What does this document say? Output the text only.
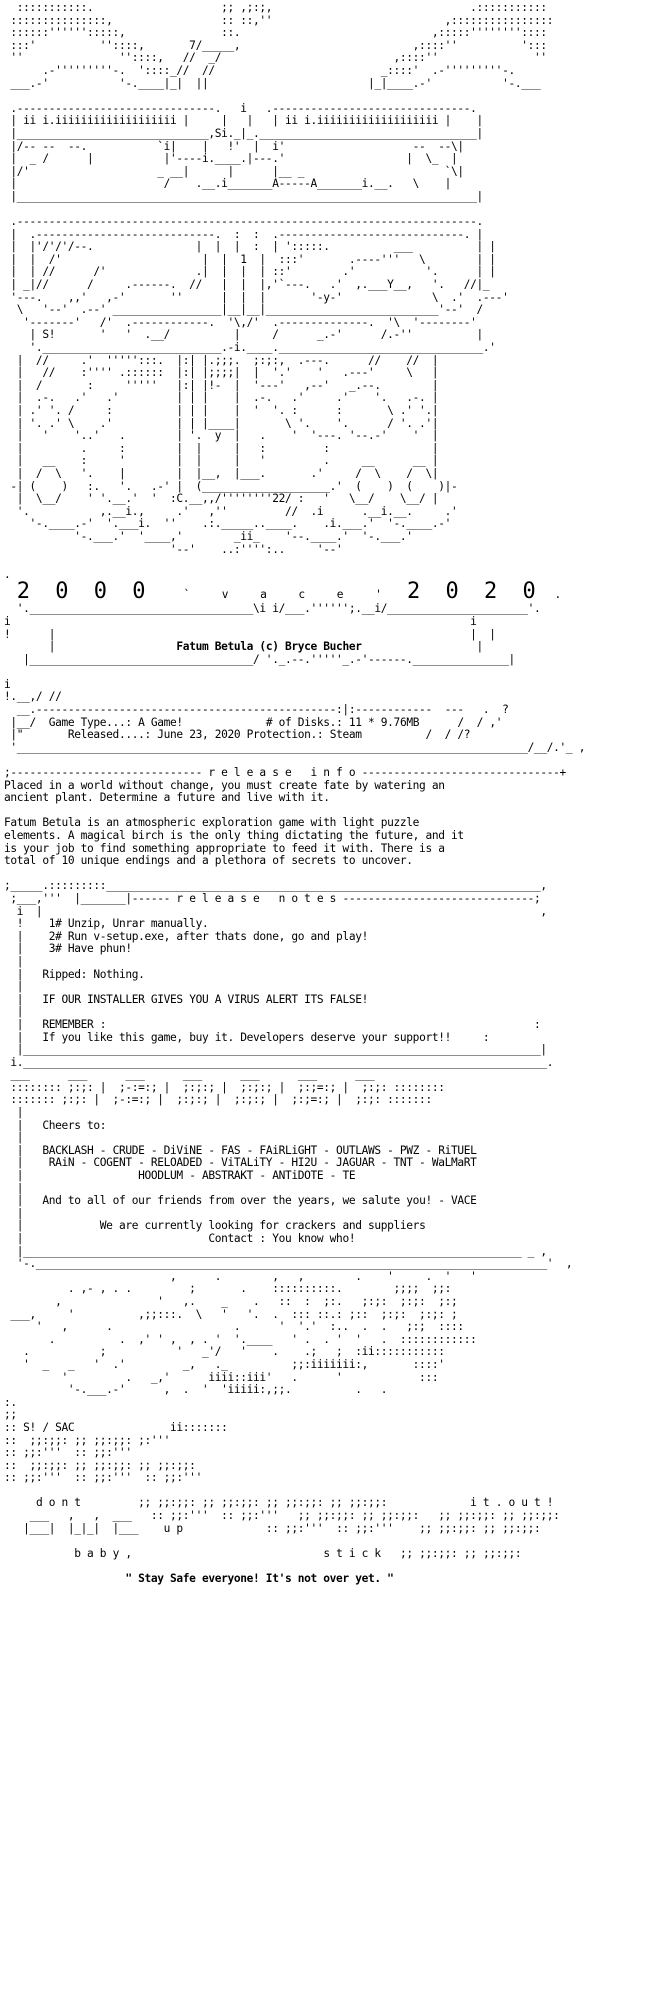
:::::::::::.                    ;; ,;:;,                               .:::::::::::
:::::::::::::::,                 :: ::,''                           ,::::::::::::::::
::::::'''''':::::,               ::.                              ,:::::''''''''::::
:::'          ''::::,       7/_____,                           ,::::''          ':::
''               ''::::,   //  _/                           ,::::''               ''
.-'''''''''-.  '::::_//  //                          _::::'  .-'''''''''-.
___.-'           '-.____|_|  ||                         |_|____.-'           '-.___

.-------------------------------.   i   .-------------------------------.
| ii i.iiiiiiiiiiiiiiiiiii |     |   |   | ii i.iiiiiiiiiiiiiiiiiii |    |
|______________________________,Si._|_.__________________________________|
|/-- --  --.           `i|    |   !'  |  i'                    --  --\|
|  _ /      |           |'----i.____.|---.'                   |  \_  |
|/'                    _ __|      |      |__ _                      `\|
|                       /    .__.i_______A-----A_______i.__.   \    |
|________________________________________________________________________|

.------------------------------------------------------------------------.
|  .----------------------------.  :  :  .-----------------------------. |
|  |'/'/'/--.                |  |  |  :  | ':::::.          ___          | |
|  |  /'                      |  |  1  |  :::'       .----'''   \        | |
|  | //      /'              .|  |  |  | ::'        .'           '.      | |
| _|//      /     .------.  //   |  |  |,'`---.   .'  ,.___Y__,   '.   //|_
'---.    ,,'   ,-'       ''      |  |  |       '-y-'              \  .'  .---'
\   '--'  .--' _________________|__|__|___________________________'--'  /
'-------'   /'  .------------.  '\,/'  .--------------.  '\  '--------'
| S!       '   '  .__/          |     /      _.-'      /.-''          |
'.____________________________.-i.____.________________________________.'
|  //     .'  ''''':::.  |:| |.;;;.  ;:;:,  .---.      //    //  |
|   //    :'''' .::::::  |:| |;;;;|  |  '.'    '   .---'     \   |
|  /       :     '''''   |:| |!-  |  '---'   ,--'   _.--.        |
|  .-.   .'   .'         | | |    |  .-.   .'     .'    '.   .-. |
| .' '. /     :          | | |    |  '  '. :      :       \ .' '.|
| '. .' \    .'          | | |____|       \ '.    '.      / '. .'|
|   '    '..'   .        | '.  y  |   .    '  '---. '--.-'    '  |
|         .     :        |  |     |   :         :                |
|   __    :     '        |  |     |   '         .     __      __ |
|  /  \   '.    |        |  |__,  |___.       .'     /  \    /  \|
-| (    )   :.   '.   .-' |  (____________________.'  (    )  (    )|-
|  \__/    ' '.__.'  '  :C.__,,/''''''''22/ :   '   \__/    \__/ |
'.           ,.__i.,     .'   ,''         //  .i      .__i.__.     .'
'-.____.-'  '.___i.  ''    .:._____..____.    .i.___.'  '-.____.-'
'-.___.'  '____,'        _ii_    '--.____.'  '-.___.'
'--'    ..:'''':..     '--'

.
2 0 0 0	`	v	a	c	e	' 2 0 2 0 .
'.___________________________________\i i/___.'''''';.__i/______________________'.
i                                                                        i
!      |                                                                 |  |
|                   Fatum Betula (c) Bryce Bucher                  |
|___________________________________/ '._.--.'''''_.-'------._______________|

i
!.__,/ //
__.-----------------------------------------------:|:------------  ---   .  ?
|__/  Game Type...: A Game!	# of Disks.: 11 * 9.76MB      /  / ,'
|"       Released....: June 23, 2020 Protection.: Steam          /  / /?
'________________________________________________________________________________/__/.'_ ,

;------------------------------ r e l e a s e   i n f o -------------------------------+
Placed in a world without change, you must create fate by watering an
ancient plant. Determine a future and live with it.

Fatum Betula is an atmospheric exploration game with light puzzle
elements. A magical birch is the only thing dictating the future, and it
is your job to find something appropriate to feed it with. There is a
total of 10 unique endings and a plethora of secrets to uncover.

;_____.:::::::::____________________________________________________________________,
;___,'''  |_______|------ r e l e a s e   n o t e s ------------------------------;
i  |                                                                              ,
!    1# Unzip, Unrar manually.
|    2# Run v-setup.exe, after thats done, go and play!
|    3# Have phun!
|
|   Ripped: Nothing.
|
|   IF OUR INSTALLER GIVES YOU A VIRUS ALERT ITS FALSE!
|
|   REMEMBER :                                                                   :
|   If you like this game, buy it. Developers deserve your support!!     :
|_________________________________________________________________________________|
i.__________________________________________________________________________________.
___      ___      ___      ___      ___      ___      ___
:::::::: ;:;: |  ;-:=:; |  ;:;:; |  ;:;:; |  ;:;=:; |  ;:;: ::::::::
::::::: ;:;: |  ;-:=:; |  ;:;:; |  ;:;:; |  ;:;=:; |  ;:;: :::::::
|
|   Cheers to:
|
|   BACKLASH - CRUDE - DiViNE - FAS - FAiRLiGHT - OUTLAWS - PWZ - RiTUEL
|    RAiN - COGENT - RELOADED - ViTALiTY - HI2U - JAGUAR - TNT - WaLMaRT
|                  HOODLUM - ABSTRAKT - ANTiDOTE - TE
|
|   And to all of our friends from over the years, we salute you! - VACE
|
|            We are currently looking for crackers and suppliers
|                             Contact : You know who!
|______________________________________________________________________________ _ ,
'-.________________________________________________________________________________'  ,
,      .        ,   ,        .    '     .  '   '
. ,- , . .         ;       .    ::::::::::.        ;;;;  ;;:
,               '   ,.    _    .   ::  :  ;:.   ;:;:  ;:;:  ;:;
___,     '          ,;;:::.  \   '   '.  .  ::: ::.: ;::  ;:;:  ;:;: ;
'   ,      .                   .      '  '.'  :..  .  .   ;:;  ::::
.          .  ,' ' ,  , . '  '.____   ' .  . '  '   .  ::::::::::::
.           ;           '   _'/   '    .    .;   ;  :ii:::::::::::
'  _   _   '  .'         _,   ._          ;;:iiiiiii:,       ::::'
'         .   _,'      iiii::iii'   .      '            :::
'-.___.-'      ,  .  '  'iiiii:,;;.          .   .
:.
;;
:: S! / SAC               ii:::::::
::  ;;:;;: ;; ;;:;;: ;:'''
:: ;;:'''  :: ;;:'''
::  ;;:;;: ;; ;;:;;: ;; ;;:;;:
:: ;;:'''  :: ;;:'''  :: ;;:'''

d o n t         ;; ;;:;;: ;; ;;:;;: ;; ;;:;;: ;; ;;:;;:             i t . o u t !
___   ,   ,  ___   :: ;;:'''  :: ;;:'''   ;; ;;:;;: ;; ;;:;;:   ;; ;;:;;: ;; ;;:;;:
|___|  |_|_|  |___    u p             :: ;;:'''  :: ;;:'''    ;; ;;:;;: ;; ;;:;;:

b a b y ,	s t i c k   ;; ;;:;;: ;; ;;:;;:

" Stay Safe everyone! It's not over yet. "
